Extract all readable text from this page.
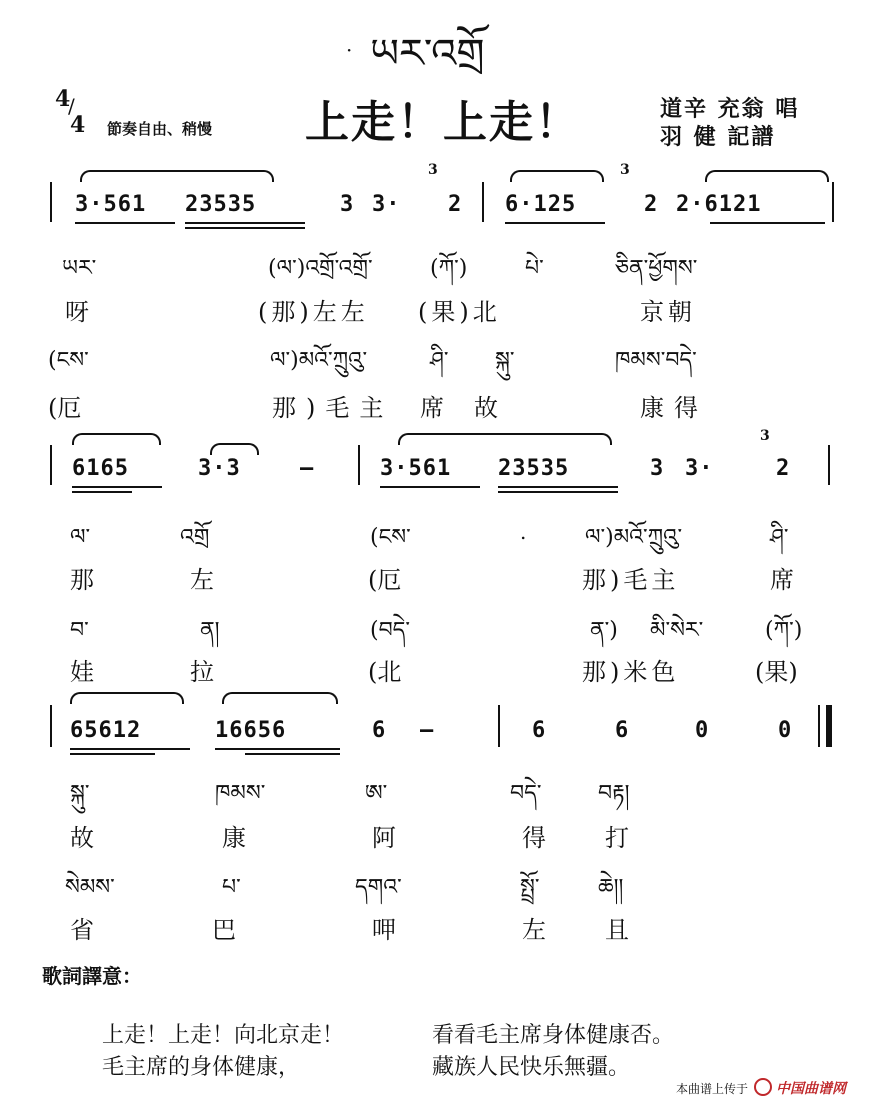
ཡར་འགྲོ
·
4
/
4 節奏自由、稍慢 上走！上走！	道辛 充翁 唱
羽 健 記譜
3·561 23535	3 3·
3
2 6·125
3
2 2·6121
ཡར་	(ལ་)འགྲོ་འགྲོ་	(ཀོ་)	པེ་	ཅིན་ཕྱོགས་
呀	(那)左左 (果)北	京朝
(ངས་	ལ་)མའོ་ཀྲུའུ་	ཤི་ སྐུ་	ཁམས་བདེ་
(厄	那)毛主 席故	康得
6165	3·3	—	3·561 23535	3 3·
3
2
ལ་	འགྲོ	(ངས་	.	ལ་)མའོ་ཀྲུའུ་	ཤི་
那	左	(厄	那)毛主	席
བ་	ན།	(བདེ་	ན་) མི་སེར་	(ཀོ་)
娃	拉	(北	那)米色	(果)
65612	16656	6 —	6	6	0	0
སྐུ་	ཁམས་	ཨ་	བདེ་	བརྟ།
故	康	阿	得 打
སེམས་	པ་	དགའ་	སྤྲོ་	ཆེ།།
省	巴	呷	左 且
歌詞譯意：
上走！上走！向北京走！	看看毛主席身体健康否。
毛主席的身体健康，	藏族人民快乐無疆。
本曲谱上传于 中国曲谱网
